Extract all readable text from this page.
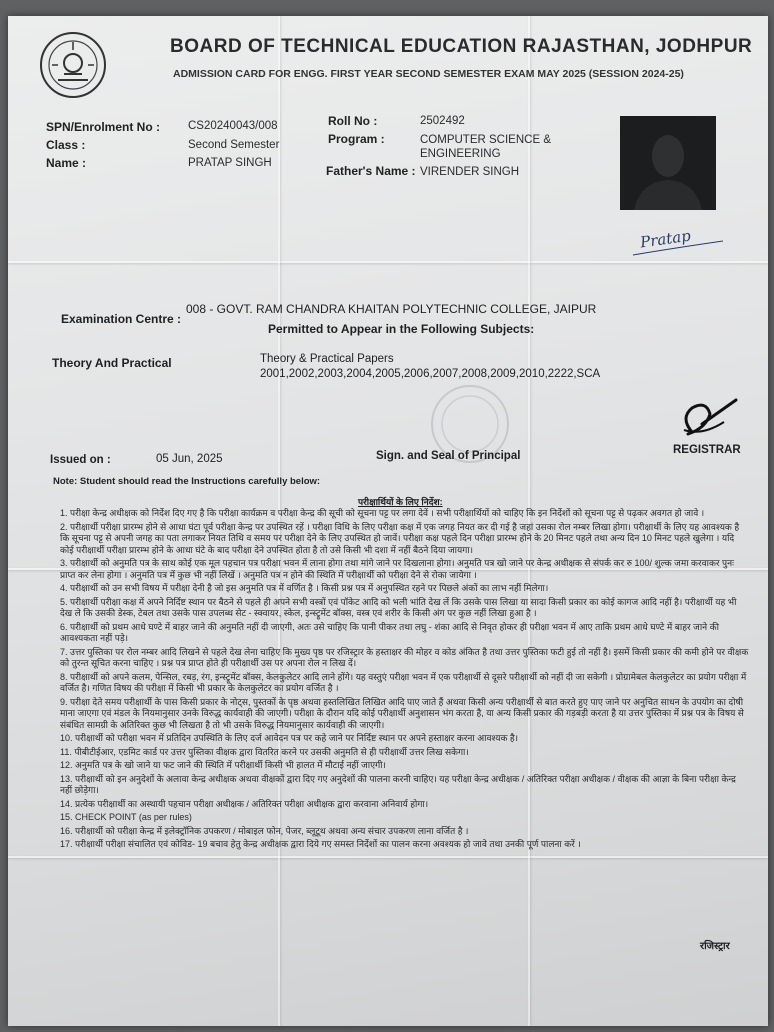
BOARD OF TECHNICAL EDUCATION RAJASTHAN, JODHPUR
ADMISSION CARD FOR ENGG. FIRST YEAR SECOND SEMESTER EXAM MAY 2025 (SESSION 2024-25)
SPN/Enrolment No : CS20240043/008
Class :	Second Semester
Name :	PRATAP SINGH
Roll No :	2502492
Program :	COMPUTER SCIENCE &
ENGINEERING
Father's Name : VIRENDER SINGH
Pratap
Examination Centre :
008 - GOVT. RAM CHANDRA KHAITAN POLYTECHNIC COLLEGE, JAIPUR
Permitted to Appear in the Following Subjects:
Theory And Practical	Theory & Practical Papers
2001,2002,2003,2004,2005,2006,2007,2008,2009,2010,2222,SCA
Issued on :	05 Jun, 2025	Sign. and Seal of Principal	REGISTRAR
Note: Student should read the Instructions carefully below:
परीक्षार्थियों के लिए निर्देश:

1. परीक्षा केन्द्र अधीक्षक को निर्देश दिए गए है कि परीक्षा कार्यक्रम व परीक्षा केन्द्र की सूची को सूचना पट्ट पर लगा देवें । सभी परीक्षार्थियों को चाहिए कि इन निर्देशों को सूचना पट्ट से पढ़कर अवगत हो जावे ।

2. परीक्षार्थी परीक्षा प्रारम्भ होने से आधा घंटा पूर्व परीक्षा केन्द्र पर उपस्थित रहें । परीक्षा विधि के लिए परीक्षा कक्ष में एक जगह नियत कर दी गई है जहां उसका रोल नम्बर लिखा होगा। परीक्षार्थी के लिए यह आवश्यक है कि सूचना पट्ट से अपनी जगह का पता लगाकर नियत तिथि व समय पर परीक्षा देने के लिए उपस्थित हो जावें। परीक्षा कक्ष पहले दिन परीक्षा प्रारम्भ होने के 20 मिनट पहले तथा अन्य दिन 10 मिनट पहले खुलेगा । यदि कोई परीक्षार्थी परीक्षा प्रारम्भ होने के आधा घंटे के बाद परीक्षा देने उपस्थित होता है तो उसे किसी भी दशा में नहीं बैठने दिया जायगा।

3. परीक्षार्थी को अनुमति पत्र के साथ कोई एक मूल पहचान पत्र परीक्षा भवन में लाना होगा तथा मांगे जाने पर दिखलाना होगा। अनुमति पत्र खो जाने पर केन्द्र अधीक्षक से संपर्क कर रु 100/ शुल्क जमा करवाकर पुनः प्राप्त कर लेना होगा । अनुमति पत्र में कुछ भी नहीं लिखें । अनुमति पत्र न होने की स्थिति में परीक्षार्थी को परीक्षा देने से रोका जायेगा ।

4. परीक्षार्थी को उन सभी विषय में परीक्षा देनी है जो इस अनुमति पत्र में वर्णित है । किसी प्रश्न पत्र में अनुपस्थित रहने पर पिछले अंकों का लाभ नहीं मिलेगा।

5. परीक्षार्थी परीक्षा कक्ष में अपने निर्दिष्ट स्थान पर बैठने से पहले ही अपने सभी वस्त्रों एवं पॉकेट आदि को भली भांति देख लें कि उसके पास लिखा या सादा किसी प्रकार का कोई कागज आदि नहीं है। परीक्षार्थी यह भी देख ले कि उसकी डेस्क, टेबल तथा उसके पास उपलब्ध सेट - स्क्वायर, स्केल, इन्स्ट्रूमेंट बॉक्स, वस्त्र एवं शरीर के किसी अंग पर कुछ नहीं लिखा हुआ है ।

6. परीक्षार्थी को प्रथम आधे घण्टे में बाहर जाने की अनुमति नहीं दी जाएगी, अतः उसे चाहिए कि पानी पीकर तथा लघु - शंका आदि से निवृत होकर ही परीक्षा भवन में आए ताकि प्रथम आधे घण्टे में बाहर जाने की आवश्यकता नहीं पड़े।

7. उत्तर पुस्तिका पर रोल नम्बर आदि लिखने से पहले देख लेना चाहिए कि मुख्य पृष्ठ पर रजिस्ट्रार के हस्ताक्षर की मोहर व कोड अंकित है तथा उत्तर पुस्तिका फटी हुई तो नहीं है। इसमें किसी प्रकार की कमी होने पर वीक्षक को तुरन्त सूचित करना चाहिए । प्रश्न पत्र प्राप्त होते ही परीक्षार्थी उस पर अपना रोल न लिख दें।

8. परीक्षार्थी को अपने कलम, पेन्सिल, रबड़, रंग, इन्स्ट्रूमेंट बॉक्स, केलकुलेटर आदि लाने होंगे। यह वस्तुएं परीक्षा भवन में एक परीक्षार्थी से दूसरे परीक्षार्थी को नहीं दी जा सकेगी । प्रोग्रामेबल केलकुलेटर का प्रयोग परीक्षा में वर्जित है। गणित विषय की परीक्षा में किसी भी प्रकार के केलकुलेटर का प्रयोग वर्जित है ।

9. परीक्षा देते समय परीक्षार्थी के पास किसी प्रकार के नोट्स, पुस्तकों के पृष्ठ अथवा हस्तलिखित लिखित आदि पाए जाते हैं अथवा किसी अन्य परीक्षार्थी से बात करते हुए पाए जाने पर अनुचित साधन के उपयोग का दोषी माना जाएगा एवं मंडल के नियमानुसार उनके विरुद्ध कार्यवाही की जाएगी। परीक्षा के दौरान यदि कोई परीक्षार्थी अनुशासन भंग करता है, या अन्य किसी प्रकार की गड़बड़ी करता है या उत्तर पुस्तिका में प्रश्न पत्र के विषय से संबंधित सामग्री के अतिरिक्त कुछ भी लिखता है तो भी उसके विरुद्ध नियमानुसार कार्यवाही की जाएगी।

10. परीक्षार्थी को परीक्षा भवन में प्रतिदिन उपस्थिति के लिए दर्ज आवेदन पत्र पर कहे जाने पर निर्दिष्ट स्थान पर अपने हस्ताक्षर करना आवश्यक है।

11. पीबीटीईआर, एडमिट कार्ड पर उत्तर पुस्तिका वीक्षक द्वारा वितरित करने पर उसकी अनुमति से ही परीक्षार्थी उत्तर लिख सकेगा।

12. अनुमति पत्र के खो जाने या फट जाने की स्थिति में परीक्षार्थी किसी भी हालत में मौटाई नहीं जाएगी।

13. परीक्षार्थी को इन अनुदेशों के अलावा केन्द्र अधीक्षक अथवा वीक्षकों द्वारा दिए गए अनुदेशों की पालना करनी चाहिए। यह परीक्षा केन्द्र अधीक्षक / अतिरिक्त परीक्षा अधीक्षक / वीक्षक की आज्ञा के बिना परीक्षा केन्द्र नहीं छोड़ेगा।

14. प्रत्येक परीक्षार्थी का अस्थायी पहचान परीक्षा अधीक्षक / अतिरिक्त परीक्षा अधीक्षक द्वारा करवाना अनिवार्य होगा।

15. CHECK POINT (as per rules)

16. परीक्षार्थी को परीक्षा केन्द्र में इलेक्ट्रॉनिक उपकरण / मोबाइल फोन, पेजर, ब्लूटूथ अथवा अन्य संचार उपकरण लाना वर्जित है ।

17. परीक्षार्थी परीक्षा संचालित एवं कोविड- 19 बचाव हेतु केन्द्र अधीक्षक द्वारा दिये गए समस्त निर्देशों का पालन करना अवश्यक हो जावे तथा उनकी पूर्ण पालना करें ।

रजिस्ट्रार
